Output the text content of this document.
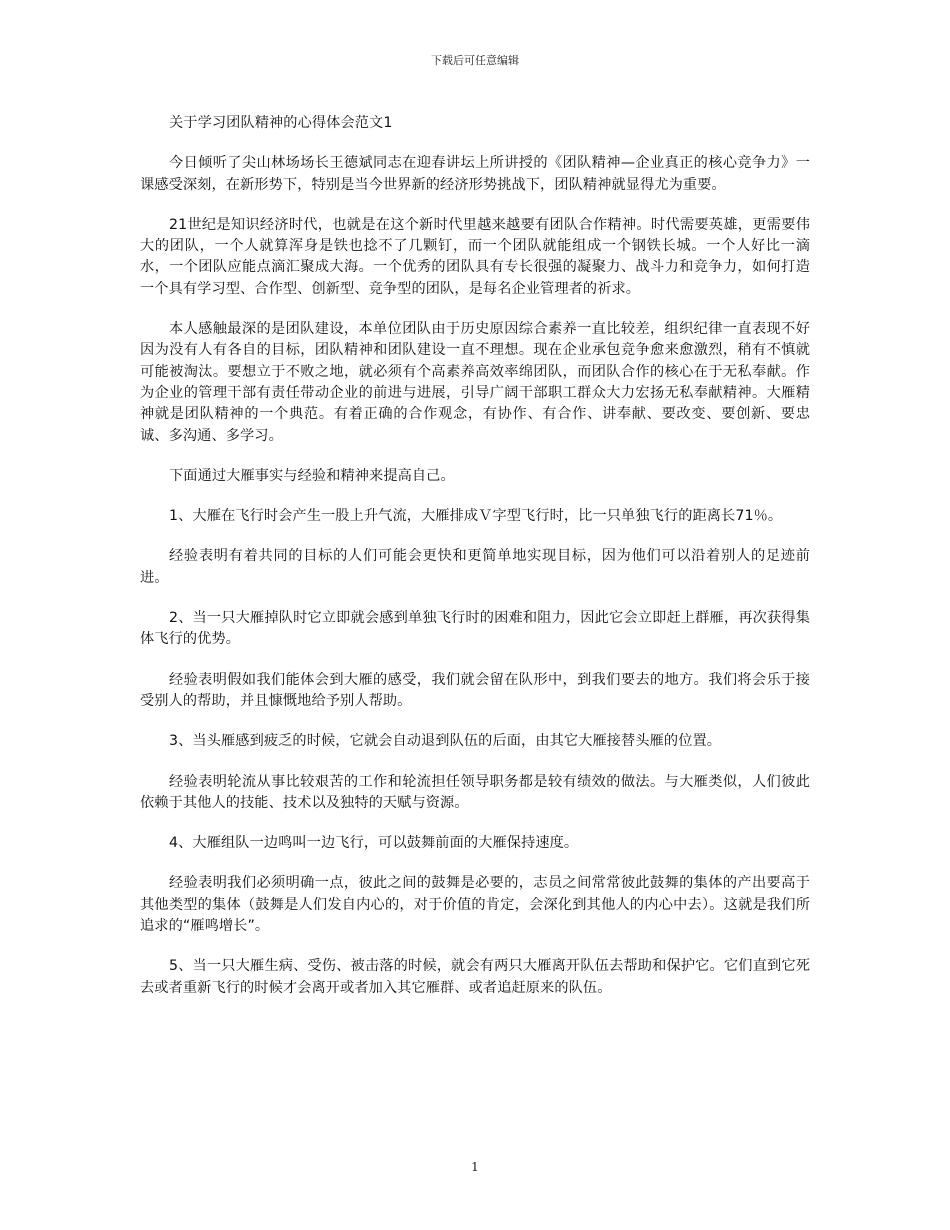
下载后可任意编辑
关于学习团队精神的心得体会范文1

今日倾听了尖山林场场长王德斌同志在迎春讲坛上所讲授的《团队精神—企业真正的核心竞争力》一课感受深刻，在新形势下，特别是当今世界新的经济形势挑战下，团队精神就显得尤为重要。

21世纪是知识经济时代，也就是在这个新时代里越来越要有团队合作精神。时代需要英雄，更需要伟大的团队，一个人就算浑身是铁也捻不了几颗钉，而一个团队就能组成一个钢铁长城。一个人好比一滴水，一个团队应能点滴汇聚成大海。一个优秀的团队具有专长很强的凝聚力、战斗力和竞争力，如何打造一个具有学习型、合作型、创新型、竞争型的团队，是每名企业管理者的祈求。

本人感触最深的是团队建设，本单位团队由于历史原因综合素养一直比较差，组织纪律一直表现不好因为没有人有各自的目标，团队精神和团队建设一直不理想。现在企业承包竞争愈来愈激烈，稍有不慎就可能被淘汰。要想立于不败之地，就必须有个高素养高效率绵团队，而团队合作的核心在于无私奉献。作为企业的管理干部有责任带动企业的前进与进展，引导广阔干部职工群众大力宏扬无私奉献精神。大雁精神就是团队精神的一个典范。有着正确的合作观念，有协作、有合作、讲奉献、要改变、要创新、要忠诚、多沟通、多学习。

下面通过大雁事实与经验和精神来提高自己。

1、大雁在飞行时会产生一股上升气流，大雁排成Ｖ字型飞行时，比一只单独飞行的距离长71％。

经验表明有着共同的目标的人们可能会更快和更简单地实现目标，因为他们可以沿着别人的足迹前进。

2、当一只大雁掉队时它立即就会感到单独飞行时的困难和阻力，因此它会立即赶上群雁，再次获得集体飞行的优势。

经验表明假如我们能体会到大雁的感受，我们就会留在队形中，到我们要去的地方。我们将会乐于接受别人的帮助，并且慷慨地给予别人帮助。

3、当头雁感到疲乏的时候，它就会自动退到队伍的后面，由其它大雁接替头雁的位置。

经验表明轮流从事比较艰苦的工作和轮流担任领导职务都是较有绩效的做法。与大雁类似，人们彼此依赖于其他人的技能、技术以及独特的天赋与资源。

4、大雁组队一边鸣叫一边飞行，可以鼓舞前面的大雁保持速度。

经验表明我们必须明确一点，彼此之间的鼓舞是必要的，志员之间常常彼此鼓舞的集体的产出要高于其他类型的集体（鼓舞是人们发自内心的，对于价值的肯定，会深化到其他人的内心中去）。这就是我们所追求的“雁鸣增长”。

5、当一只大雁生病、受伤、被击落的时候，就会有两只大雁离开队伍去帮助和保护它。它们直到它死去或者重新飞行的时候才会离开或者加入其它雁群、或者追赶原来的队伍。

1
